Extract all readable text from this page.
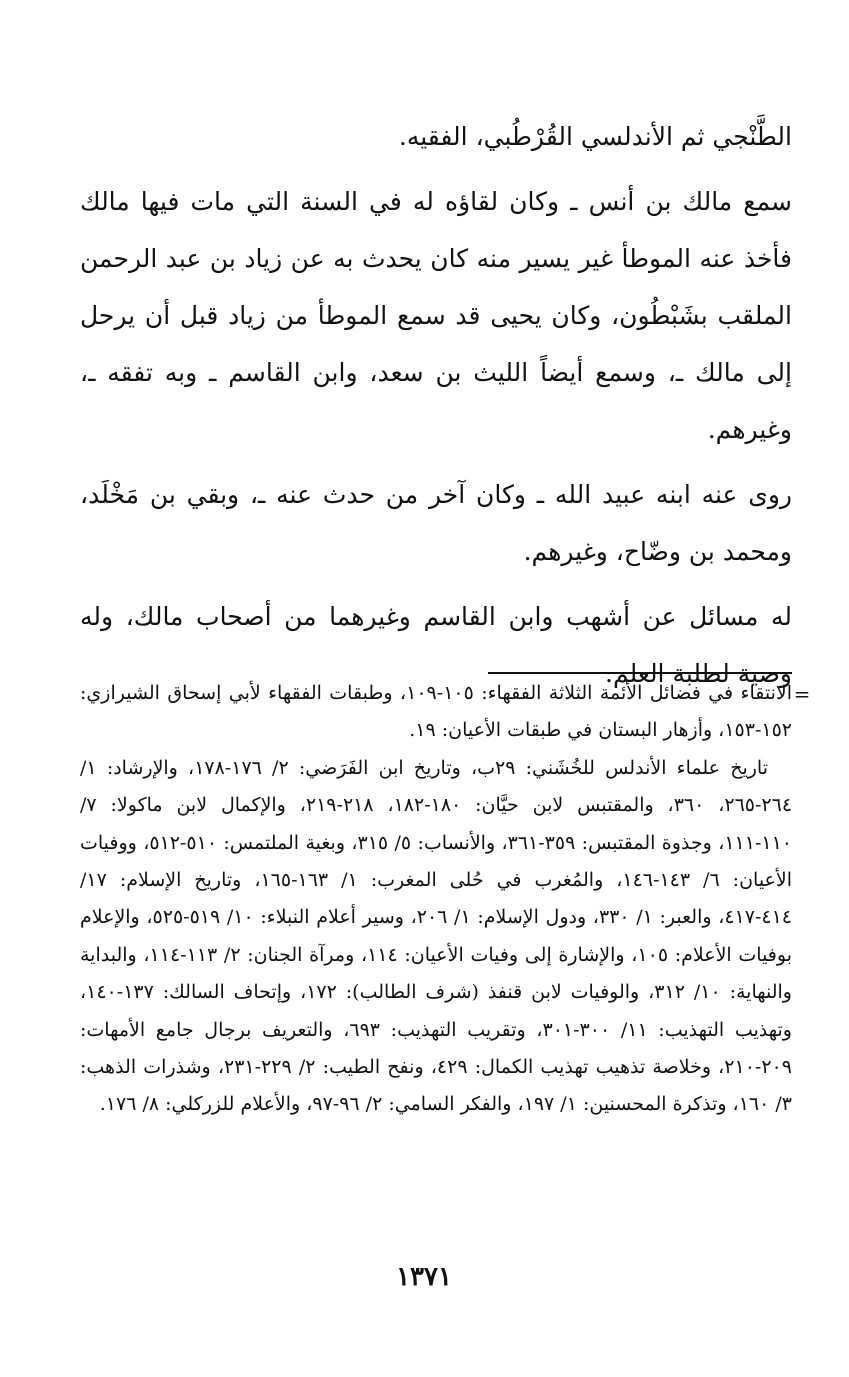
الطَّنْجي ثم الأندلسي القُرْطُبي، الفقيه.

سمع مالك بن أنس ـ وكان لقاؤه له في السنة التي مات فيها مالك فأخذ عنه الموطأ غير يسير منه كان يحدث به عن زياد بن عبد الرحمن الملقب بشَبْطُون، وكان يحيى قد سمع الموطأ من زياد قبل أن يرحل إلى مالك ـ، وسمع أيضاً الليث بن سعد، وابن القاسم ـ وبه تفقه ـ، وغيرهم.

روى عنه ابنه عبيد الله ـ وكان آخر من حدث عنه ـ، وبقي بن مَخْلَد، ومحمد بن وضّاح، وغيرهم.

له مسائل عن أشهب وابن القاسم وغيرهما من أصحاب مالك، وله وصية لطلبة العلم.

=

الانتقاء في فضائل الأئمة الثلاثة الفقهاء: ١٠٥-١٠٩، وطبقات الفقهاء لأبي إسحاق الشيرازي: ١٥٢-١٥٣، وأزهار البستان في طبقات الأعيان: ١٩.

تاريخ علماء الأندلس للخُشَني: ٢٩ب، وتاريخ ابن الفَرَضي: ٢/ ١٧٦-١٧٨، والإرشاد: ١/ ٢٦٤-٢٦٥، ٣٦٠، والمقتبس لابن حيَّان: ١٨٠-١٨٢، ٢١٨-٢١٩، والإكمال لابن ماكولا: ٧/ ١١٠-١١١، وجذوة المقتبس: ٣٥٩-٣٦١، والأنساب: ٥/ ٣١٥، وبغية الملتمس: ٥١٠-٥١٢، ووفيات الأعيان: ٦/ ١٤٣-١٤٦، والمُغرب في حُلى المغرب: ١/ ١٦٣-١٦٥، وتاريخ الإسلام: ١٧/ ٤١٤-٤١٧، والعبر: ١/ ٣٣٠، ودول الإسلام: ١/ ٢٠٦، وسير أعلام النبلاء: ١٠/ ٥١٩-٥٢٥، والإعلام بوفيات الأعلام: ١٠٥، والإشارة إلى وفيات الأعيان: ١١٤، ومرآة الجنان: ٢/ ١١٣-١١٤، والبداية والنهاية: ١٠/ ٣١٢، والوفيات لابن قنفذ (شرف الطالب): ١٧٢، وإتحاف السالك: ١٣٧-١٤٠، وتهذيب التهذيب: ١١/ ٣٠٠-٣٠١، وتقريب التهذيب: ٦٩٣، والتعريف برجال جامع الأمهات: ٢٠٩-٢١٠، وخلاصة تذهيب تهذيب الكمال: ٤٢٩، ونفح الطيب: ٢/ ٢٢٩-٢٣١، وشذرات الذهب: ٣/ ١٦٠، وتذكرة المحسنين: ١/ ١٩٧، والفكر السامي: ٢/ ٩٦-٩٧، والأعلام للزركلي: ٨/ ١٧٦.

١٣٧١
